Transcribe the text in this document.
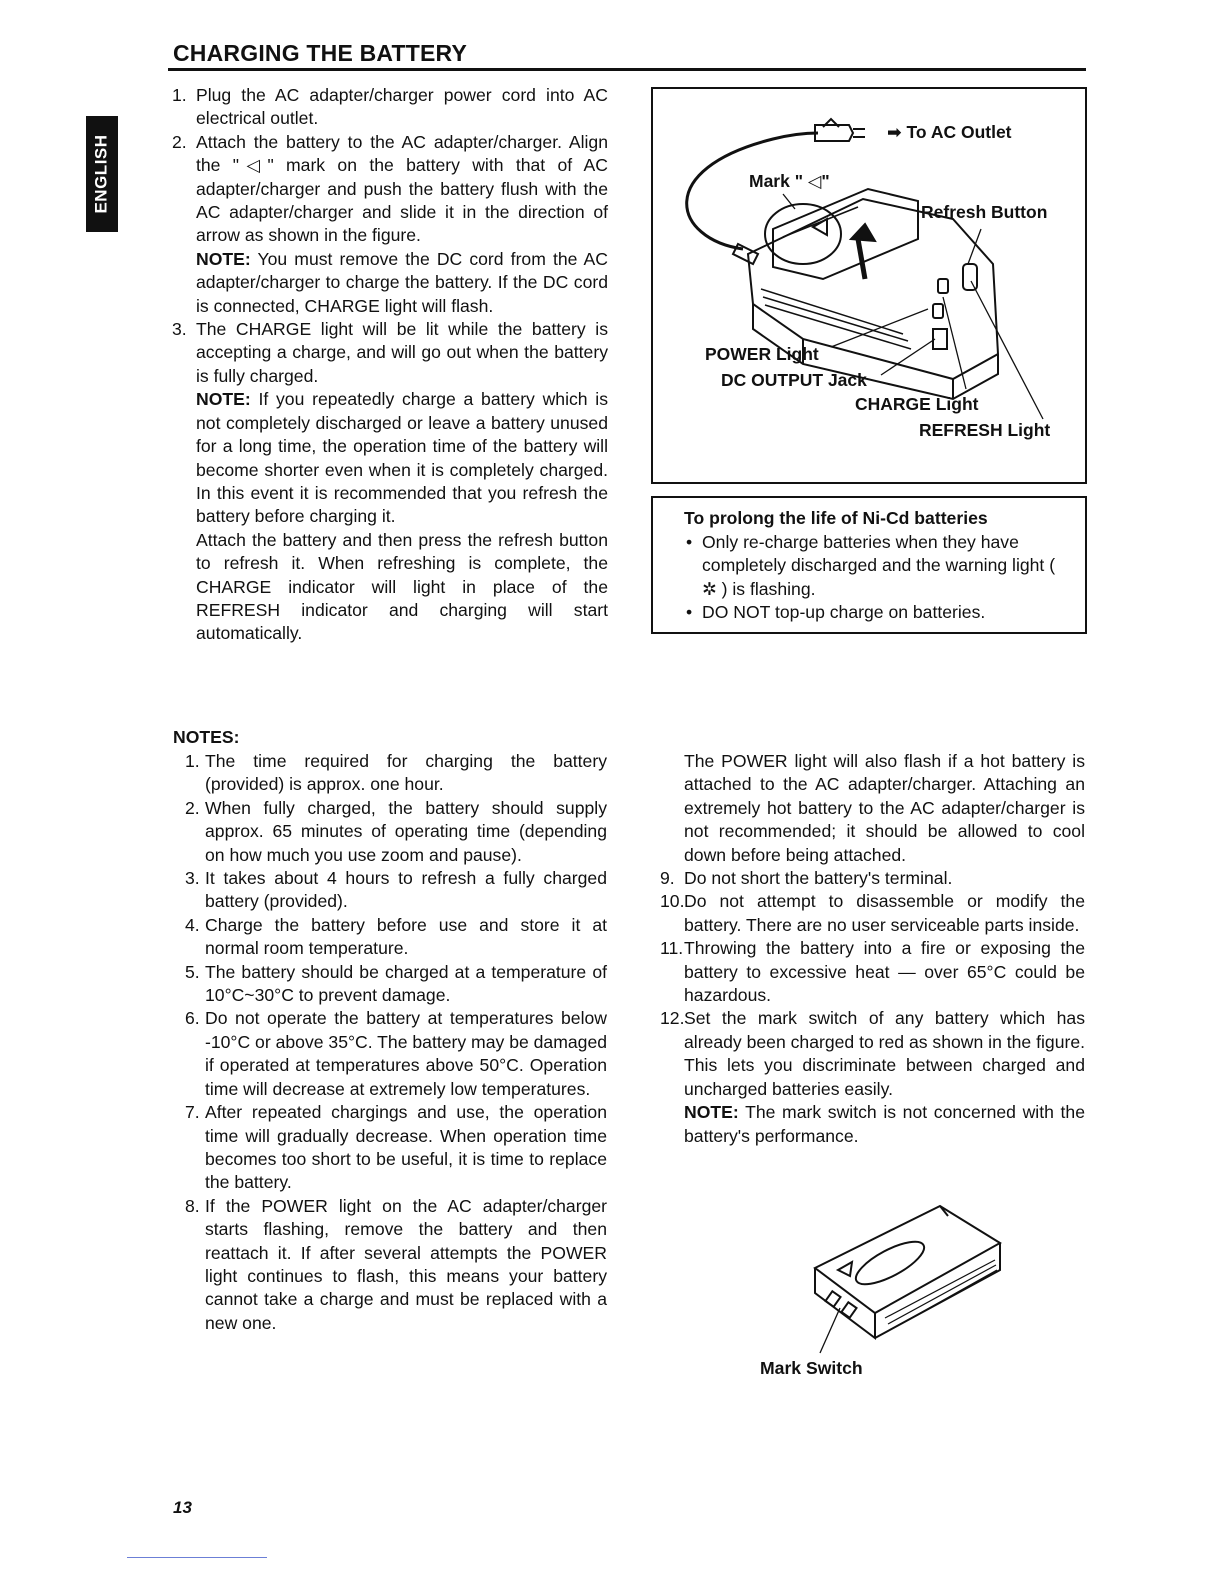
CHARGING THE BATTERY
ENGLISH
1. Plug the AC adapter/charger power cord into AC electrical outlet.
2. Attach the battery to the AC adapter/charger. Align the "◁" mark on the battery with that of AC adapter/charger and push the battery flush with the AC adapter/charger and slide it in the direction of arrow as shown in the figure.
NOTE: You must remove the DC cord from the AC adapter/charger to charge the battery. If the DC cord is connected, CHARGE light will flash.
3. The CHARGE light will be lit while the battery is accepting a charge, and will go out when the battery is fully charged.
NOTE: If you repeatedly charge a battery which is not completely discharged or leave a battery unused for a long time, the operation time of the battery will become shorter even when it is completely charged. In this event it is recommended that you refresh the battery before charging it.
Attach the battery and then press the refresh button to refresh it. When refreshing is complete, the CHARGE indicator will light in place of the REFRESH indicator and charging will start automatically.
➡ To AC Outlet
Mark " ◁"
Refresh Button
POWER Light
DC OUTPUT Jack
CHARGE Light
REFRESH Light
To prolong the life of Ni-Cd batteries
• Only re-charge batteries when they have completely discharged and the warning light ( ✲ ) is flashing.
• DO NOT top-up charge on batteries.
NOTES:
1. The time required for charging the battery (provided) is approx. one hour.
2. When fully charged, the battery should supply approx. 65 minutes of operating time (depending on how much you use zoom and pause).
3. It takes about 4 hours to refresh a fully charged battery (provided).
4. Charge the battery before use and store it at normal room temperature.
5. The battery should be charged at a temperature of 10°C~30°C to prevent damage.
6. Do not operate the battery at temperatures below -10°C or above 35°C. The battery may be damaged if operated at temperatures above 50°C. Operation time will decrease at extremely low temperatures.
7. After repeated chargings and use, the operation time will gradually decrease. When operation time becomes too short to be useful, it is time to replace the battery.
8. If the POWER light on the AC adapter/charger starts flashing, remove the battery and then reattach it. If after several attempts the POWER light continues to flash, this means your battery cannot take a charge and must be replaced with a new one.
The POWER light will also flash if a hot battery is attached to the AC adapter/charger. Attaching an extremely hot battery to the AC adapter/charger is not recommended; it should be allowed to cool down before being attached.
9. Do not short the battery's terminal.
10. Do not attempt to disassemble or modify the battery. There are no user serviceable parts inside.
11. Throwing the battery into a fire or exposing the battery to excessive heat — over 65°C could be hazardous.
12. Set the mark switch of any battery which has already been charged to red as shown in the figure. This lets you discriminate between charged and uncharged batteries easily.
NOTE: The mark switch is not concerned with the battery's performance.
Mark Switch
13
